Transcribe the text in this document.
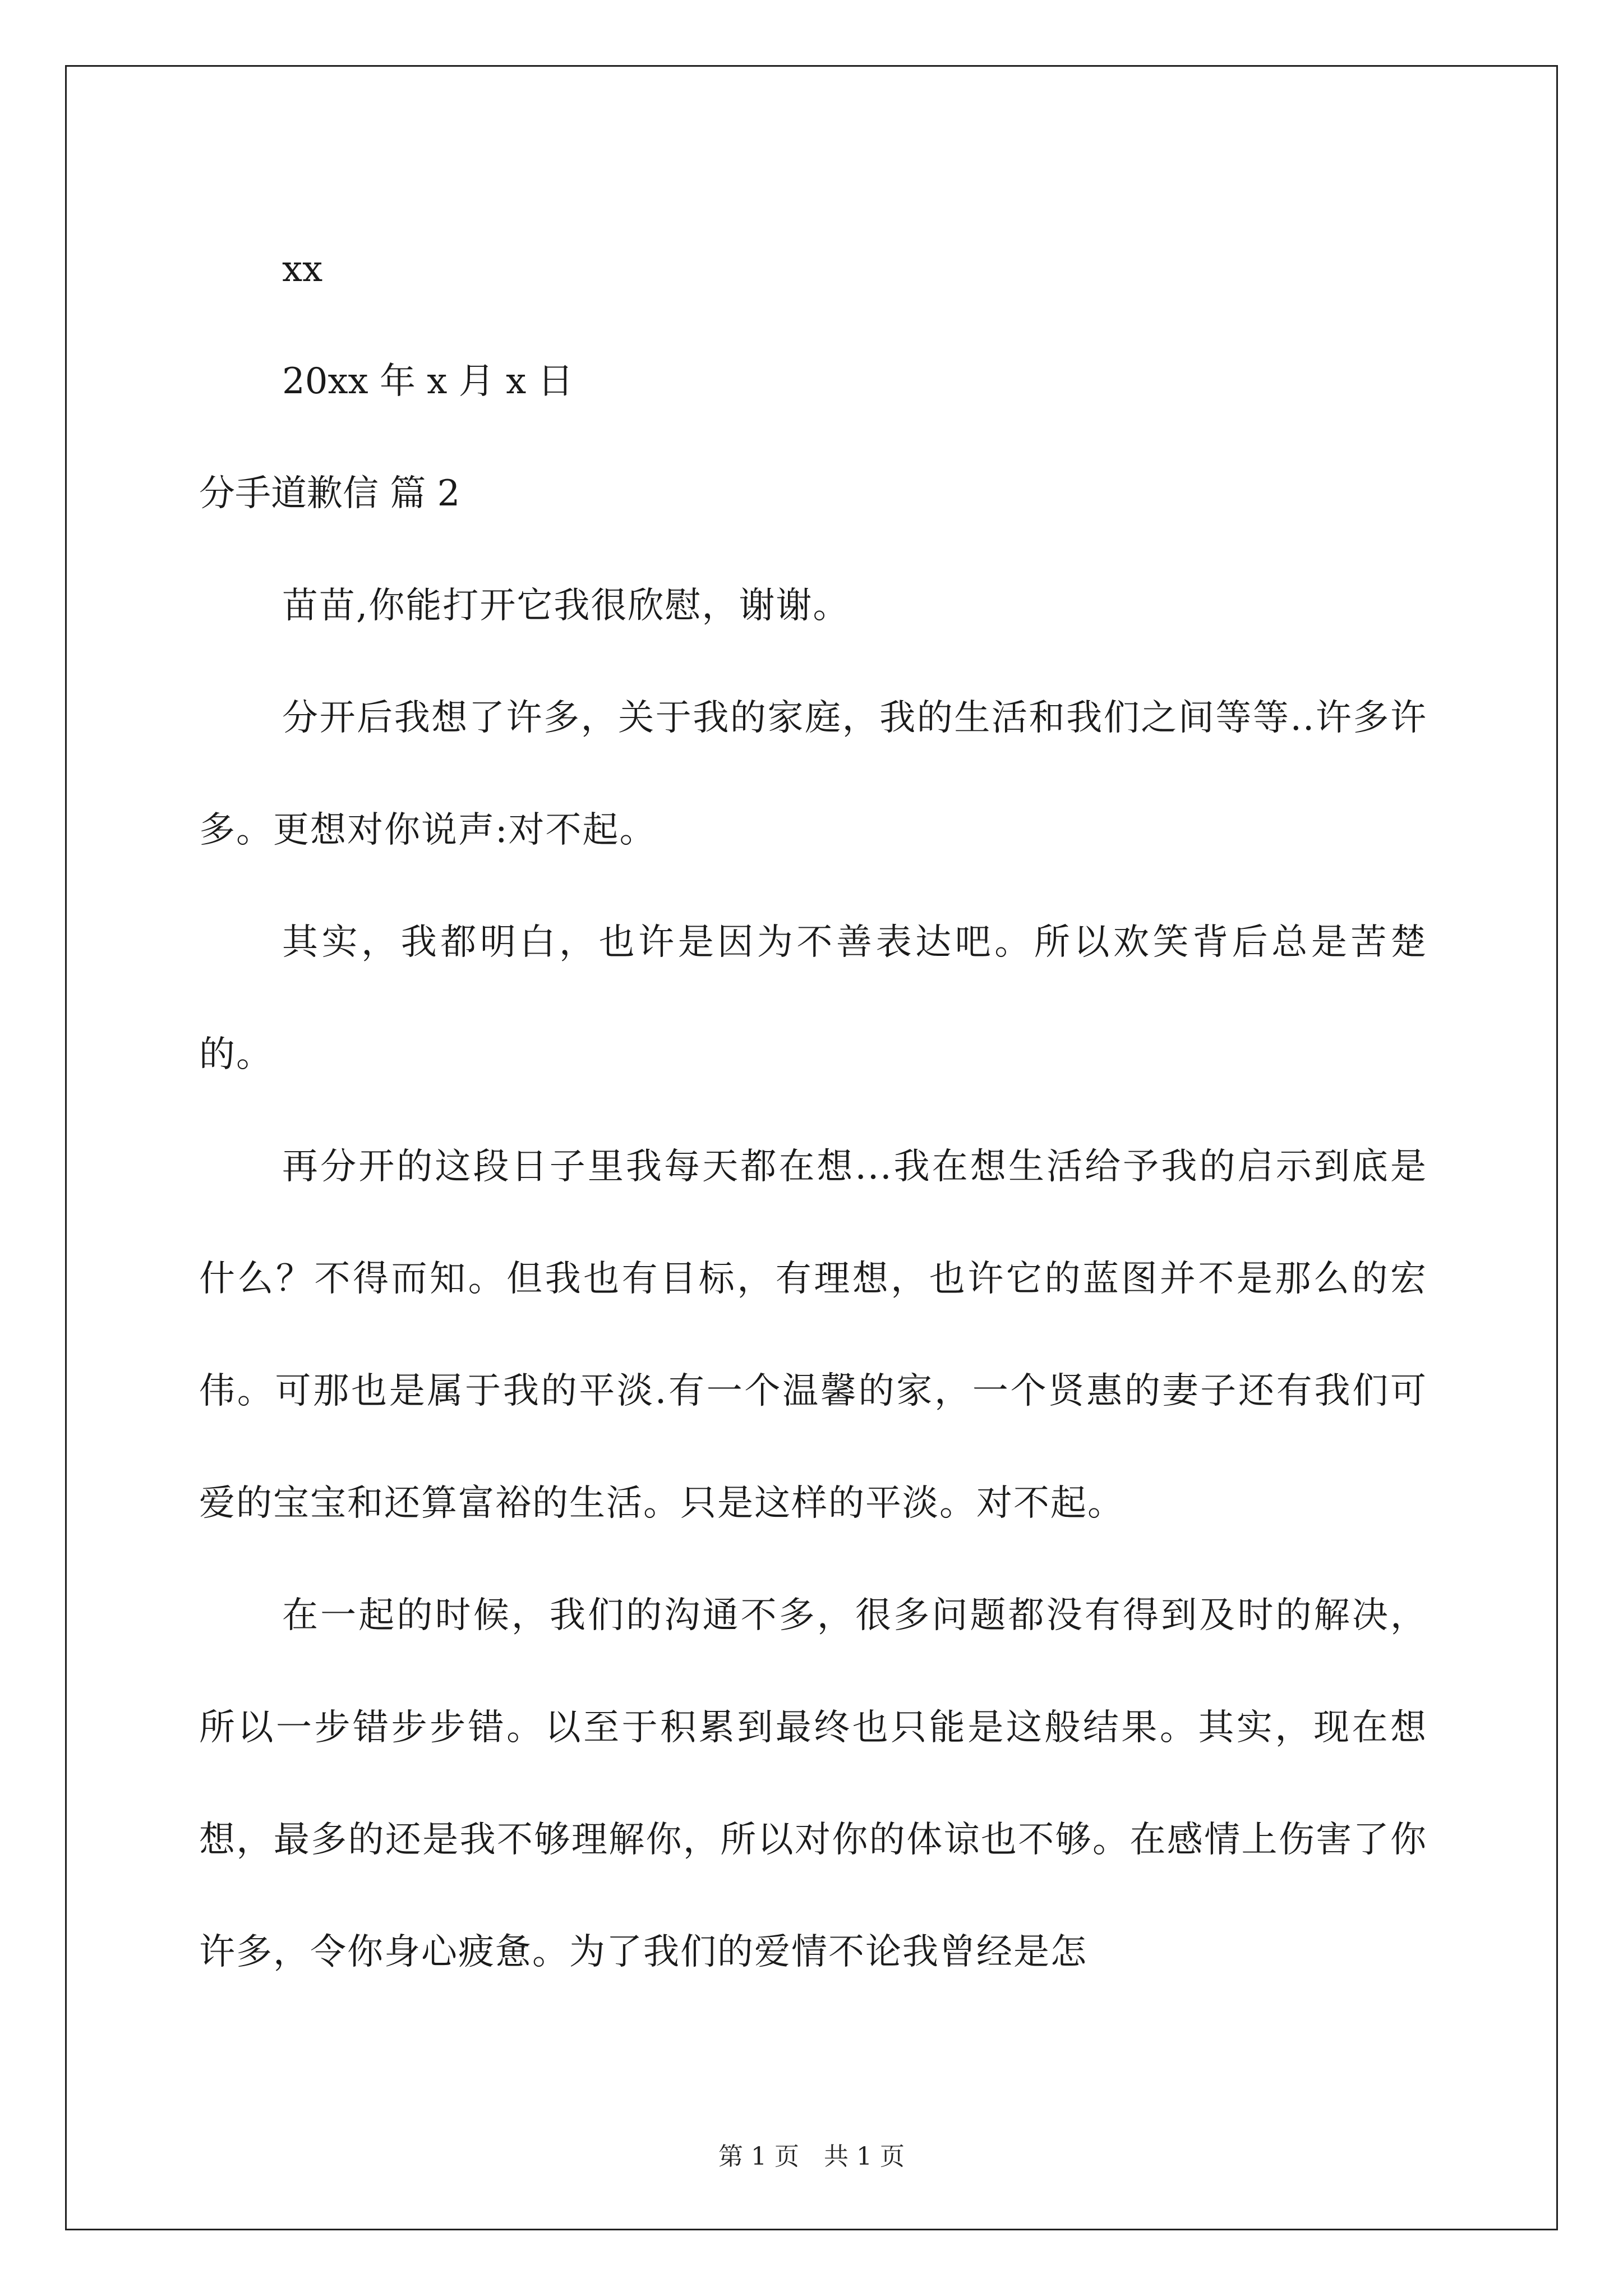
xx
20xx 年 x 月 x 日
分手道歉信 篇 2
苗苗,你能打开它我很欣慰，谢谢。
分开后我想了许多，关于我的家庭，我的生活和我们之间等等..许多许多。更想对你说声:对不起。
其实，我都明白，也许是因为不善表达吧。所以欢笑背后总是苦楚的。
再分开的这段日子里我每天都在想...我在想生活给予我的启示到底是什么？不得而知。但我也有目标，有理想，也许它的蓝图并不是那么的宏伟。可那也是属于我的平淡.有一个温馨的家，一个贤惠的妻子还有我们可爱的宝宝和还算富裕的生活。只是这样的平淡。对不起。
在一起的时候，我们的沟通不多，很多问题都没有得到及时的解决，所以一步错步步错。以至于积累到最终也只能是这般结果。其实，现在想想，最多的还是我不够理解你，所以对你的体谅也不够。在感情上伤害了你许多，令你身心疲惫。为了我们的爱情不论我曾经是怎
第 1 页　共 1 页
